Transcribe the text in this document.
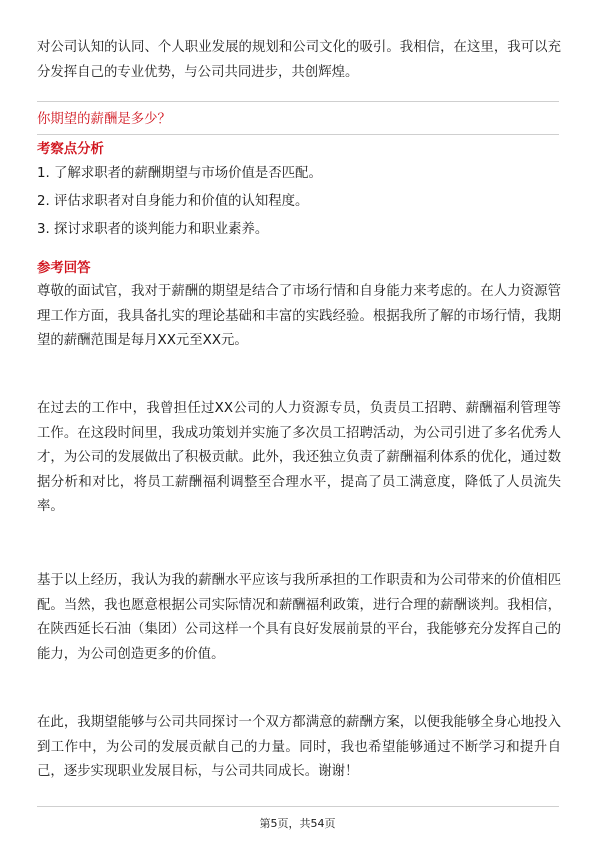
对公司认知的认同、个人职业发展的规划和公司文化的吸引。我相信，在这里，我可以充分发挥自己的专业优势，与公司共同进步，共创辉煌。

你期望的薪酬是多少？

考察点分析

1. 了解求职者的薪酬期望与市场价值是否匹配。
2. 评估求职者对自身能力和价值的认知程度。
3. 探讨求职者的谈判能力和职业素养。

参考回答

尊敬的面试官，我对于薪酬的期望是结合了市场行情和自身能力来考虑的。在人力资源管理工作方面，我具备扎实的理论基础和丰富的实践经验。根据我所了解的市场行情，我期望的薪酬范围是每月XX元至XX元。

在过去的工作中，我曾担任过XX公司的人力资源专员，负责员工招聘、薪酬福利管理等工作。在这段时间里，我成功策划并实施了多次员工招聘活动，为公司引进了多名优秀人才，为公司的发展做出了积极贡献。此外，我还独立负责了薪酬福利体系的优化，通过数据分析和对比，将员工薪酬福利调整至合理水平，提高了员工满意度，降低了人员流失率。

基于以上经历，我认为我的薪酬水平应该与我所承担的工作职责和为公司带来的价值相匹配。当然，我也愿意根据公司实际情况和薪酬福利政策，进行合理的薪酬谈判。我相信，在陕西延长石油（集团）公司这样一个具有良好发展前景的平台，我能够充分发挥自己的能力，为公司创造更多的价值。

在此，我期望能够与公司共同探讨一个双方都满意的薪酬方案，以便我能够全身心地投入到工作中，为公司的发展贡献自己的力量。同时，我也希望能够通过不断学习和提升自己，逐步实现职业发展目标，与公司共同成长。谢谢！

第5页，共54页
